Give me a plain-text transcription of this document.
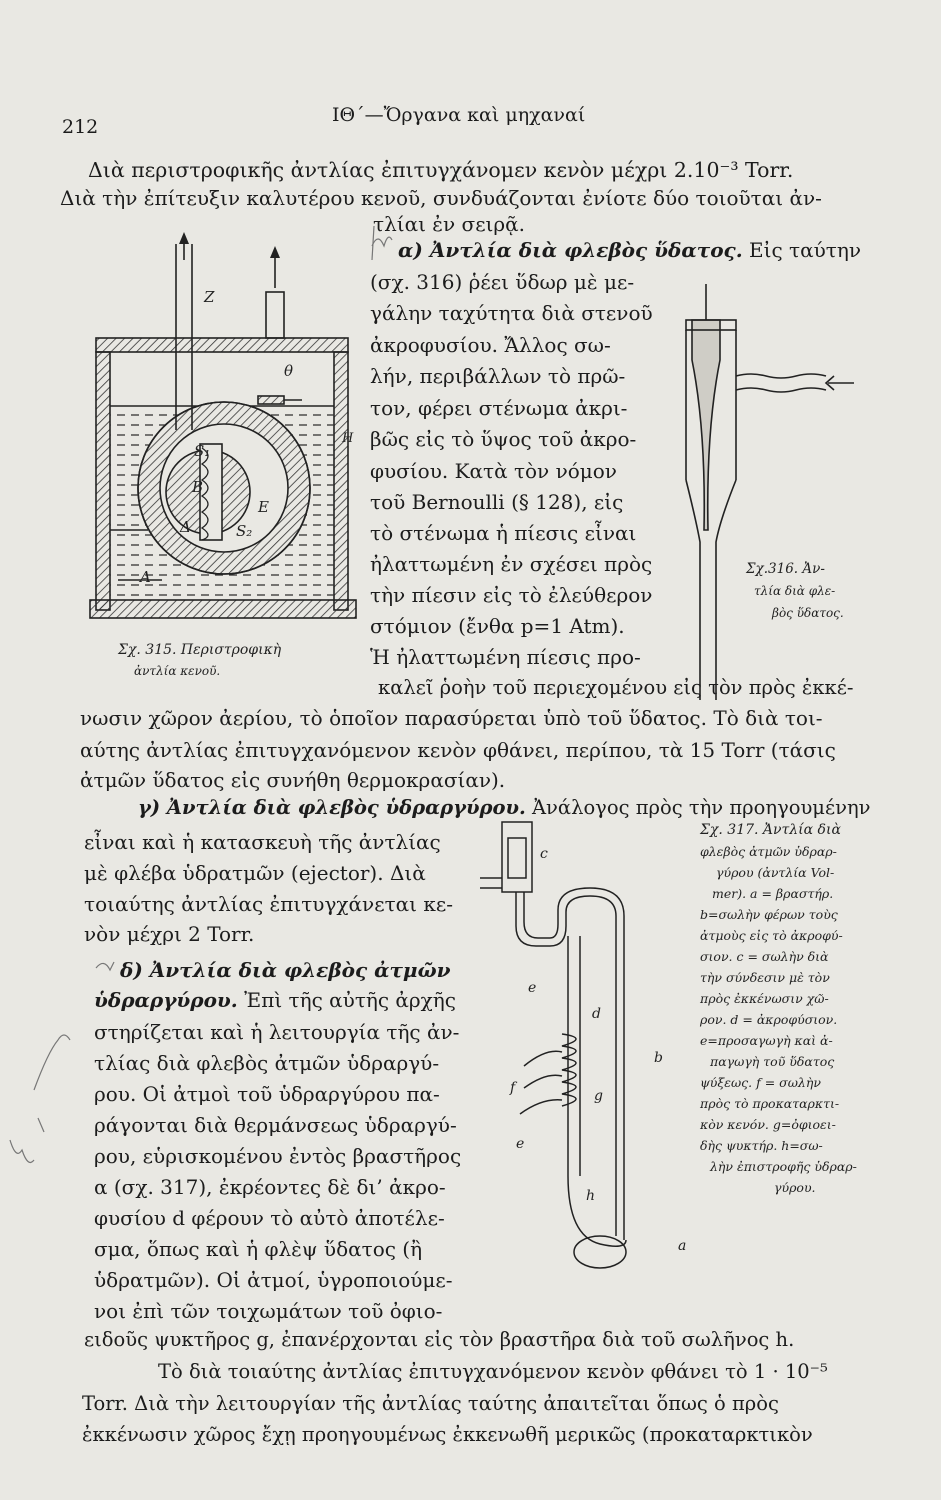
212
ΙΘ΄—Ὄργανα καὶ μηχαναί
Διὰ περιστροφικῆς ἀντλίας ἐπιτυγχάνομεν κενὸν μέχρι 2.10⁻³ Torr.
Διὰ τὴν ἐπίτευξιν καλυτέρου κενοῦ, συνδυάζονται ἐνίοτε δύο τοιοῦται ἀν-
τλίαι ἐν σειρᾷ.
α) Ἀντλία διὰ φλεβὸς ὕδατος. Εἰς ταύτην
(σχ. 316) ῥέει ὕδωρ μὲ με-
γάλην ταχύτητα διὰ στενοῦ
ἀκροφυσίου. Ἄλλος σω-
λήν, περιβάλλων τὸ πρῶ-
τον, φέρει στένωμα ἀκρι-
βῶς εἰς τὸ ὕψος τοῦ ἀκρο-
φυσίου. Κατὰ τὸν νόμον
τοῦ Bernoulli (§ 128), εἰς
τὸ στένωμα ἡ πίεσις εἶναι
ἠλαττωμένη ἐν σχέσει πρὸς
τὴν πίεσιν εἰς τὸ ἐλεύθερον
στόμιον (ἔνθα p=1 Atm).
Ἡ ἠλαττωμένη πίεσις προ-
καλεῖ ῥοὴν τοῦ περιεχομένου εἰς τὸν πρὸς ἐκκέ-
νωσιν χῶρον ἀερίου, τὸ ὁποῖον παρασύρεται ὑπὸ τοῦ ὕδατος. Τὸ διὰ τοι-
αύτης ἀντλίας ἐπιτυγχανόμενον κενὸν φθάνει, περίπου, τὰ 15 Torr (τάσις
ἀτμῶν ὕδατος εἰς συνήθη θερμοκρασίαν).
γ) Ἀντλία διὰ φλεβὸς ὑδραργύρου. Ἀνάλογος πρὸς τὴν προηγουμένην
εἶναι καὶ ἡ κατασκευὴ τῆς ἀντλίας
μὲ φλέβα ὑδρατμῶν (ejector). Διὰ
τοιαύτης ἀντλίας ἐπιτυγχάνεται κε-
νὸν μέχρι 2 Torr.
δ) Ἀντλία διὰ φλεβὸς ἀτμῶν
ὑδραργύρου. Ἐπὶ τῆς αὐτῆς ἀρχῆς
στηρίζεται καὶ ἡ λειτουργία τῆς ἀν-
τλίας διὰ φλεβὸς ἀτμῶν ὑδραργύ-
ρου. Οἱ ἀτμοὶ τοῦ ὑδραργύρου πα-
ράγονται διὰ θερμάνσεως ὑδραργύ-
ρου, εὑρισκομένου ἐντὸς βραστῆρος
α (σχ. 317), ἐκρέοντες δὲ δι’ ἀκρο-
φυσίου d φέρουν τὸ αὐτὸ ἀποτέλε-
σμα, ὅπως καὶ ἡ φλὲψ ὕδατος (ἢ
ὑδρατμῶν). Οἱ ἀτμοί, ὑγροποιούμε-
νοι ἐπὶ τῶν τοιχωμάτων τοῦ ὀφιο-
ειδοῦς ψυκτῆρος g, ἐπανέρχονται εἰς τὸν βραστῆρα διὰ τοῦ σωλῆνος h.
Τὸ διὰ τοιαύτης ἀντλίας ἐπιτυγχανόμενον κενὸν φθάνει τὸ 1 · 10⁻⁵
Torr. Διὰ τὴν λειτουργίαν τῆς ἀντλίας ταύτης ἀπαιτεῖται ὅπως ὁ πρὸς
ἐκκένωσιν χῶρος ἔχῃ προηγουμένως ἐκκενωθῆ μερικῶς (προκαταρκτικὸν
Z
θ
H
S₁
B
E
Δ	S₂
A
Σχ. 315. Περιστροφικὴ
ἀντλία κενοῦ.
Σχ.316. Ἀν-
τλία διὰ φλε-
βὸς ὕδατος.
c
e
d
b
f	g
e
h
a
Σχ. 317. Ἀντλία διὰ
φλεβὸς ἀτμῶν ὑδραρ-
γύρου (ἀντλία Vol-
mer). a = βραστήρ.
b=σωλὴν φέρων τοὺς
ἀτμοὺς εἰς τὸ ἀκροφύ-
σιον. c = σωλὴν διὰ
τὴν σύνδεσιν μὲ τὸν
πρὸς ἐκκένωσιν χῶ-
ρον. d = ἀκροφύσιον.
e=προσαγωγὴ καὶ ἀ-
παγωγὴ τοῦ ὕδατος
ψύξεως. f = σωλὴν
πρὸς τὸ προκαταρκτι-
κὸν κενόν. g=ὀφιοει-
δὴς ψυκτήρ. h=σω-
λὴν ἐπιστροφῆς ὑδραρ-
γύρου.
